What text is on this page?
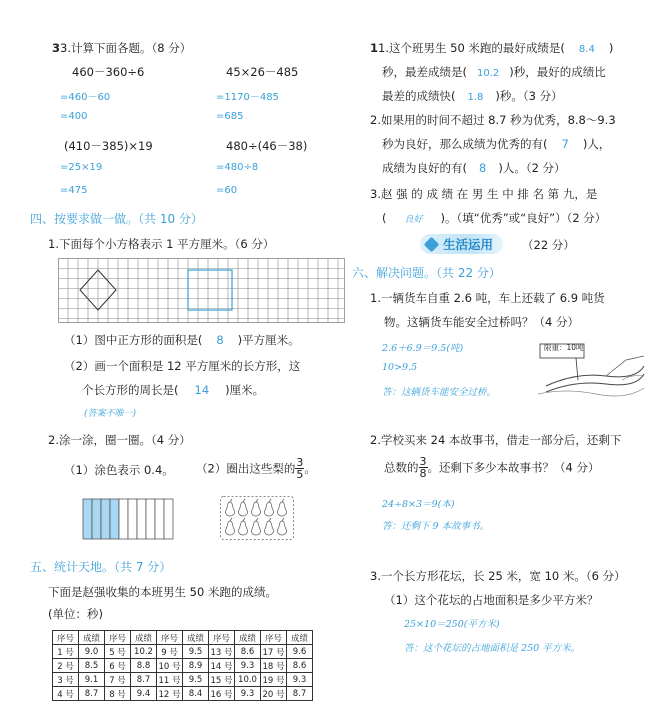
33.计算下面各题。（8 分）
460－360÷6
=460－60
=400
45×26－485
=1170－485
=685
(410－385)×19
=25×19
=475
480÷(46－38)
=480÷8
=60
四、按要求做一做。（共 10 分）
1.下面每个小方格表示 1 平方厘米。（6 分）
（1）图中正方形的面积是( 8 )平方厘米。
（2）画一个面积是 12 平方厘米的长方形，这
个长方形的周长是( 14 )厘米。
(答案不唯一)
2.涂一涂，圈一圈。（4 分）
（1）涂色表示 0.4。 （2）圈出这些梨的 $\frac{3}{5}$ 。
五、统计天地。（共 7 分）
下面是赵强收集的本班男生 50 米跑的成绩。
(单位：秒)
序号	成绩	序号	成绩	序号	成绩	序号	成绩	序号	成绩
1 号	9.0	5 号	10.2	9 号	9.5	13 号	8.6	17 号	9.6
2 号	8.5	6 号	8.8	10 号	8.9	14 号	9.3	18 号	8.6
3 号	9.1	7 号	8.7	11 号	9.5	15 号	10.0	19 号	9.3
4 号	8.7	8 号	9.4	12 号	8.4	16 号	9.3	20 号	8.7
11.这个班男生 50 米跑的最好成绩是( 8.4 )
秒，最差成绩是( 10.2 )秒，最好的成绩比
最差的成绩快( 1.8 )秒。（3 分）
2.如果用的时间不超过 8.7 秒为优秀，8.8～9.3
秒为良好，那么成绩为优秀的有( 7 )人，
成绩为良好的有( 8 )人。（2 分）
3.赵 强 的 成 绩 在 男 生 中 排 名 第 九，是
( 良好 )。（填“优秀”或“良好”）（2 分）
生活运用	（22 分）
六、解决问题。（共 22 分）
1.一辆货车自重 2.6 吨，车上还载了 6.9 吨货
物。这辆货车能安全过桥吗？（4 分）
2.6＋6.9＝9.5(吨)
10>9.5
答：这辆货车能安全过桥。
限重：10吨
2.学校买来 24 本故事书，借走一部分后，还剩下
总数的 $\frac{3}{8}$ 。还剩下多少本故事书？（4 分）
24÷8×3＝9(本)
答：还剩下 9 本故事书。
3.一个长方形花坛，长 25 米，宽 10 米。（6 分）
（1）这个花坛的占地面积是多少平方米？
25×10＝250(平方米)
答：这个花坛的占地面积是 250 平方米。
